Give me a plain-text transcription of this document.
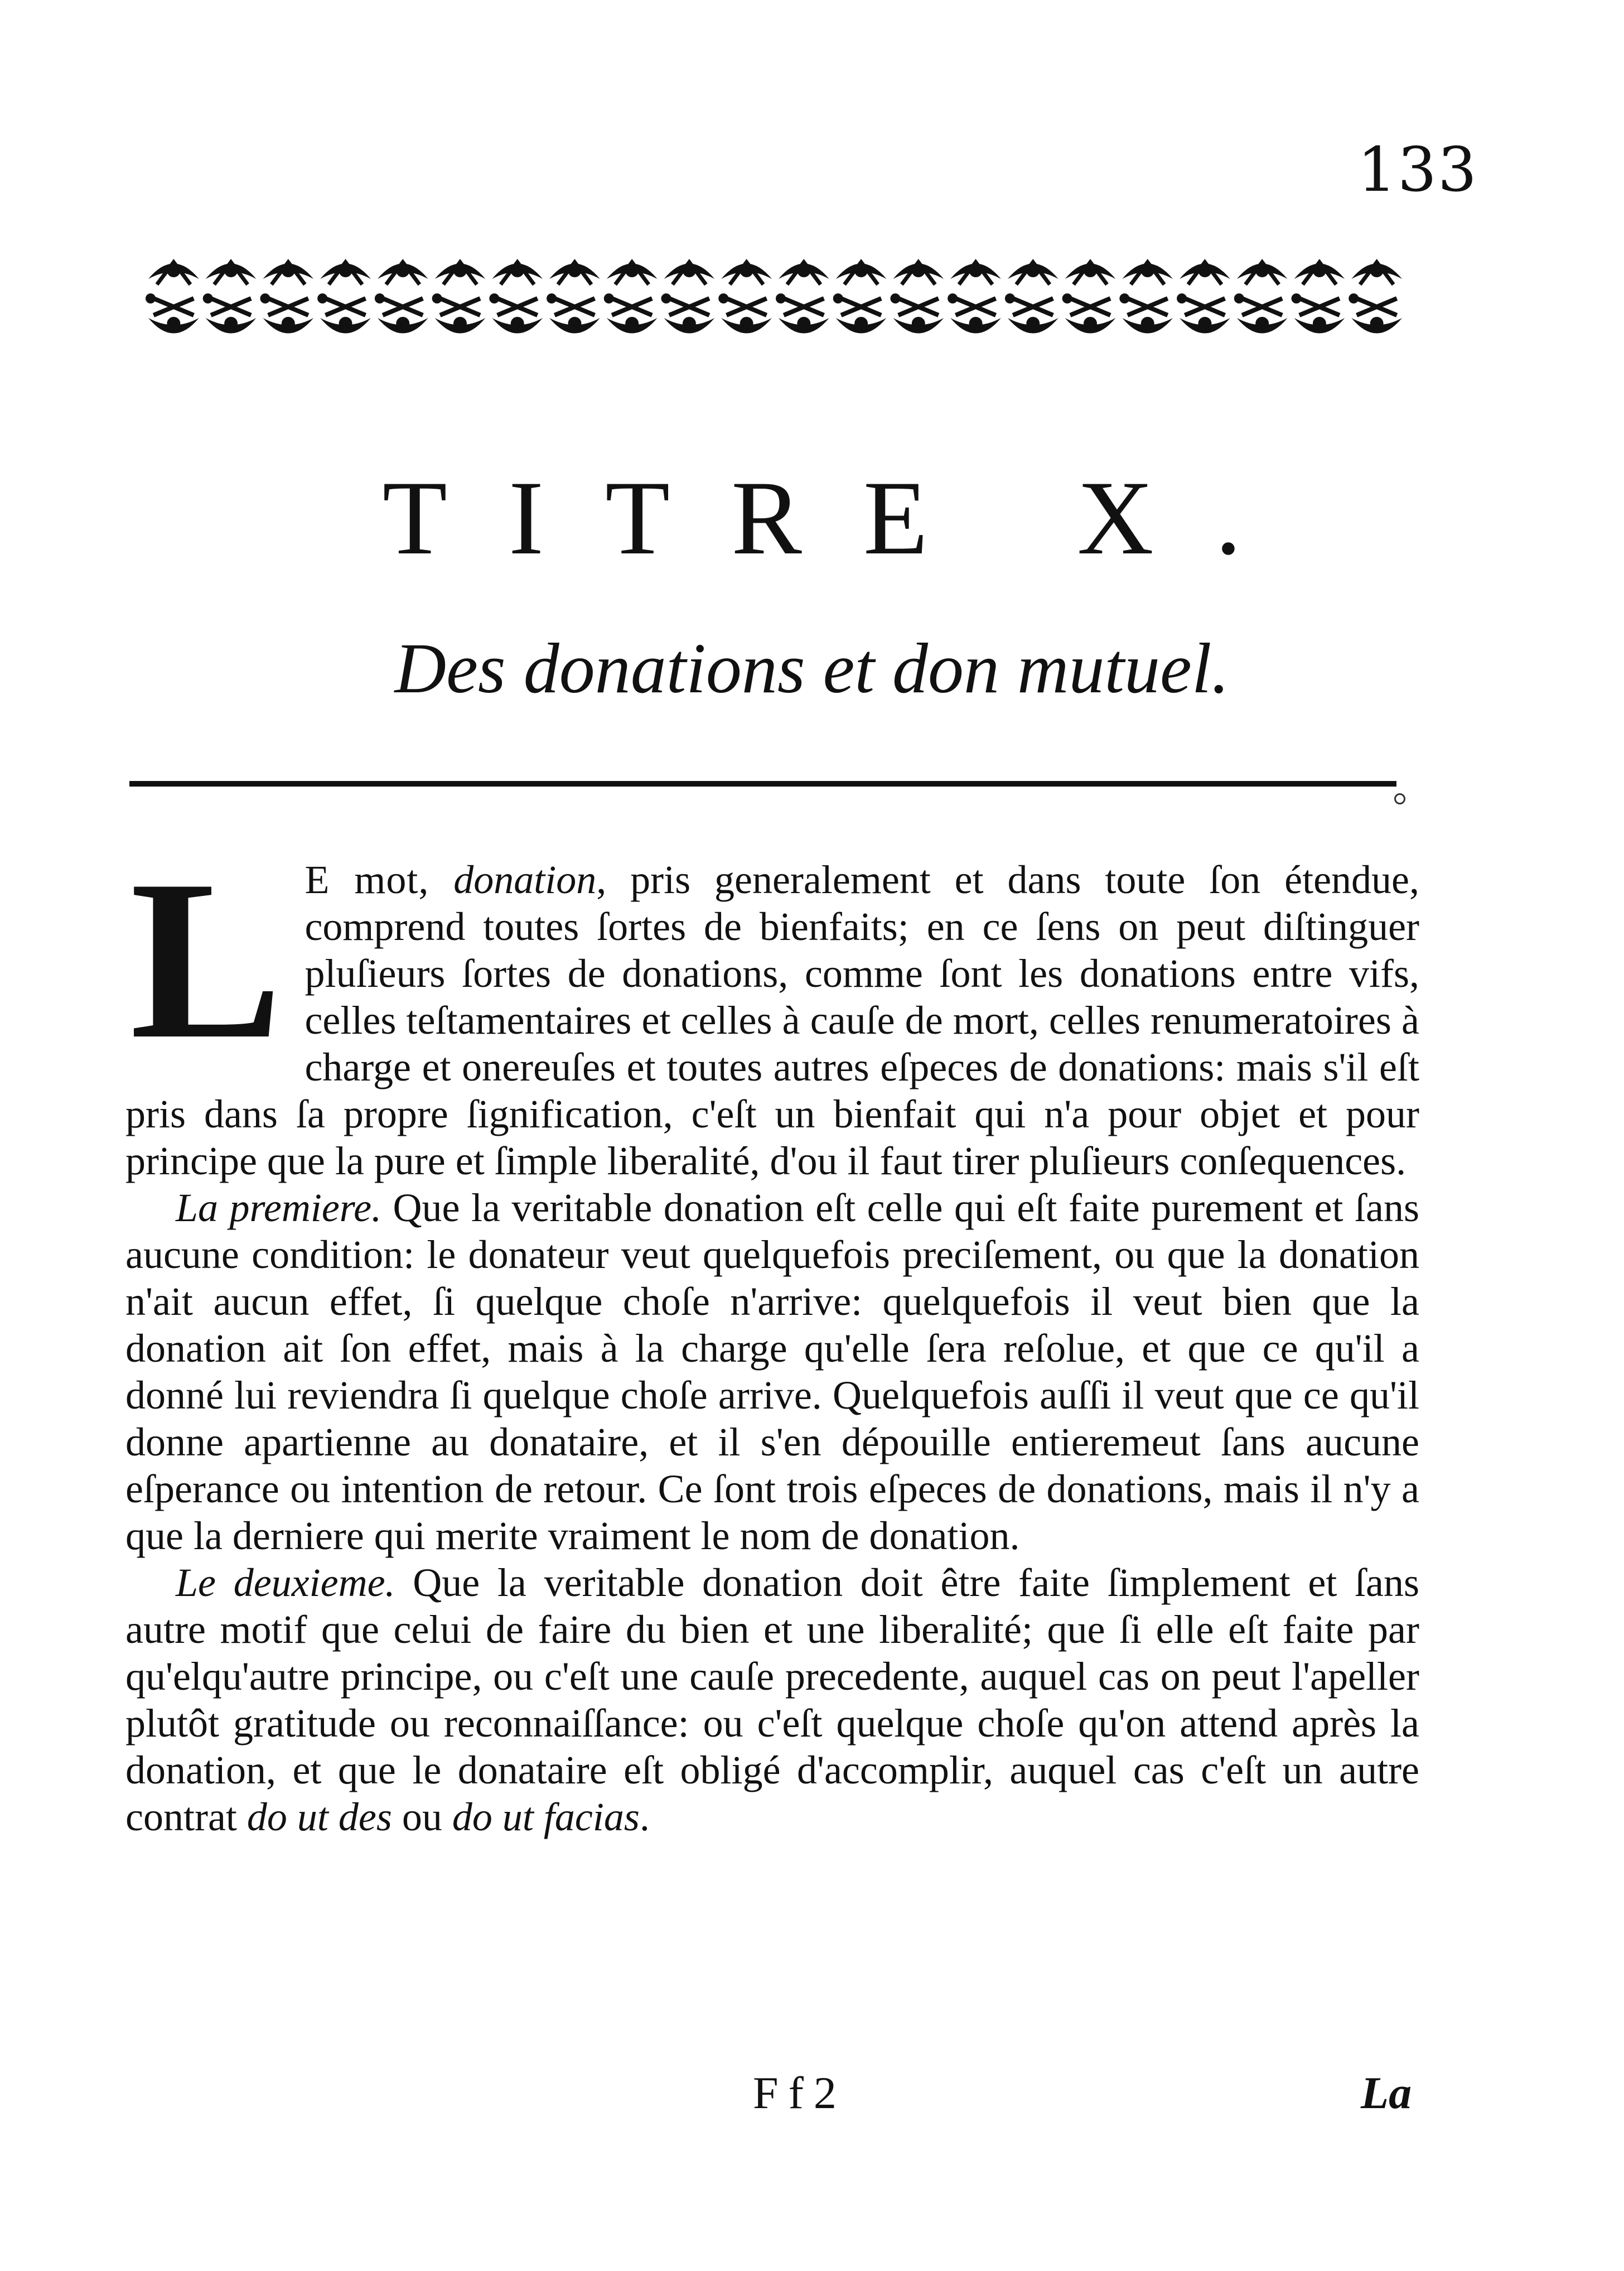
133
TITRE X.
Des donations et don mutuel.

L E mot, donation, pris generalement et dans toute ſon étendue, comprend toutes ſortes de bienfaits; en ce ſens on peut diſtinguer pluſieurs ſortes de donations, comme ſont les donations entre vifs, celles teſtamentaires et celles à cauſe de mort, celles renumeratoires à charge et onereuſes et toutes autres eſpeces de donations: mais s'il eſt pris dans ſa propre ſignification, c'eſt un bienfait qui n'a pour objet et pour principe que la pure et ſimple liberalité, d'ou il faut tirer pluſieurs conſequences.

La premiere. Que la veritable donation eſt celle qui eſt faite purement et ſans aucune condition: le donateur veut quelquefois preciſement, ou que la donation n'ait aucun effet, ſi quelque choſe n'arrive: quelquefois il veut bien que la donation ait ſon effet, mais à la charge qu'elle ſera reſolue, et que ce qu'il a donné lui reviendra ſi quelque choſe arrive. Quelquefois auſſi il veut que ce qu'il donne apartienne au donataire, et il s'en dépouille entieremeut ſans aucune eſperance ou intention de retour. Ce ſont trois eſpeces de donations, mais il n'y a que la derniere qui merite vraiment le nom de donation.

Le deuxieme. Que la veritable donation doit être faite ſimplement et ſans autre motif que celui de faire du bien et une liberalité; que ſi elle eſt faite par qu'elqu'autre principe, ou c'eſt une cauſe precedente, auquel cas on peut l'apeller plutôt gratitude ou reconnaiſſance: ou c'eſt quelque choſe qu'on attend après la donation, et que le donataire eſt obligé d'accomplir, auquel cas c'eſt un autre contrat do ut des ou do ut facias.

Ff2	La
